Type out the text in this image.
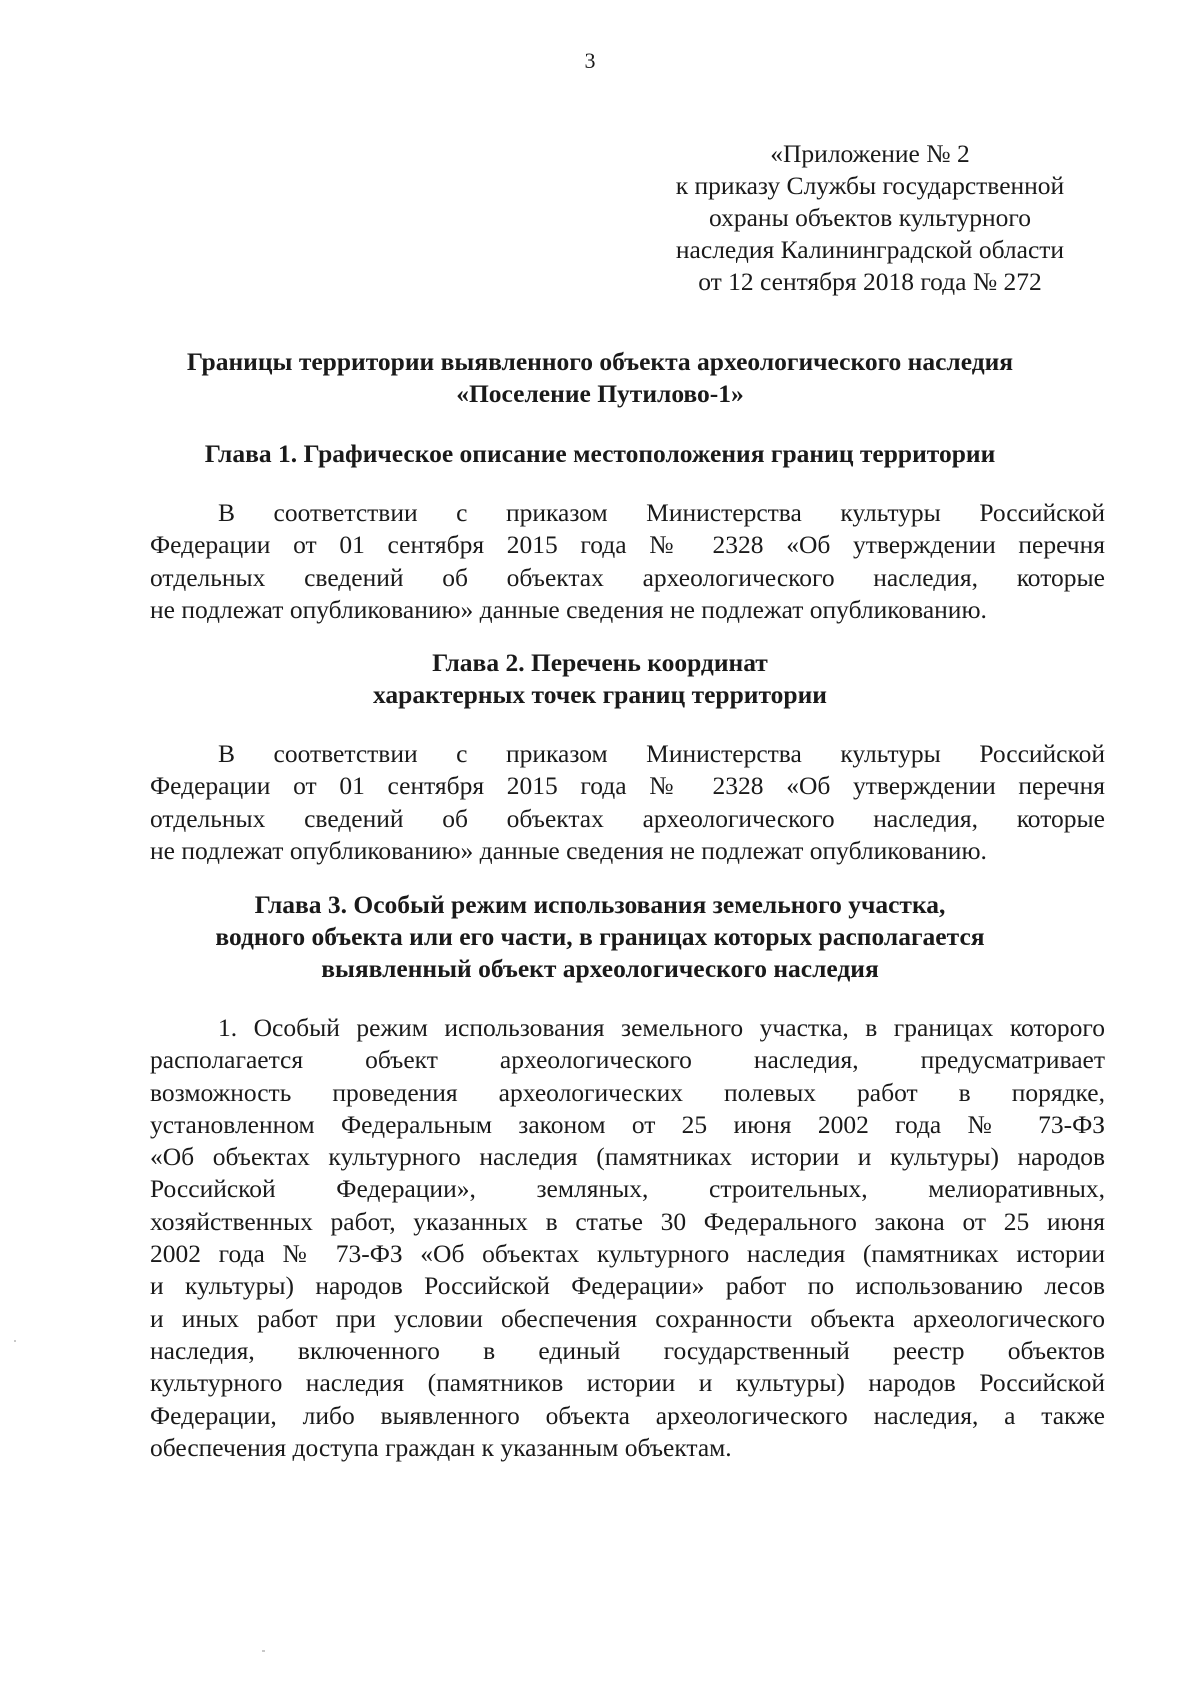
3
«Приложение № 2
к приказу Службы государственной
охраны объектов культурного
наследия Калининградской области
от 12 сентября 2018 года № 272
Границы территории выявленного объекта археологического наследия
«Поселение Путилово-1»
Глава 1. Графическое описание местоположения границ территории
В соответствии с приказом Министерства культуры Российской
Федерации от 01 сентября 2015 года № 2328 «Об утверждении перечня
отдельных сведений об объектах археологического наследия, которые
не подлежат опубликованию» данные сведения не подлежат опубликованию.
Глава 2. Перечень координат
характерных точек границ территории
В соответствии с приказом Министерства культуры Российской
Федерации от 01 сентября 2015 года № 2328 «Об утверждении перечня
отдельных сведений об объектах археологического наследия, которые
не подлежат опубликованию» данные сведения не подлежат опубликованию.
Глава 3. Особый режим использования земельного участка,
водного объекта или его части, в границах которых располагается
выявленный объект археологического наследия
1. Особый режим использования земельного участка, в границах которого
располагается объект археологического наследия, предусматривает
возможность проведения археологических полевых работ в порядке,
установленном Федеральным законом от 25 июня 2002 года № 73-ФЗ
«Об объектах культурного наследия (памятниках истории и культуры) народов
Российской Федерации», земляных, строительных, мелиоративных,
хозяйственных работ, указанных в статье 30 Федерального закона от 25 июня
2002 года № 73-ФЗ «Об объектах культурного наследия (памятниках истории
и культуры) народов Российской Федерации» работ по использованию лесов
и иных работ при условии обеспечения сохранности объекта археологического
наследия, включенного в единый государственный реестр объектов
культурного наследия (памятников истории и культуры) народов Российской
Федерации, либо выявленного объекта археологического наследия, а также
обеспечения доступа граждан к указанным объектам.
